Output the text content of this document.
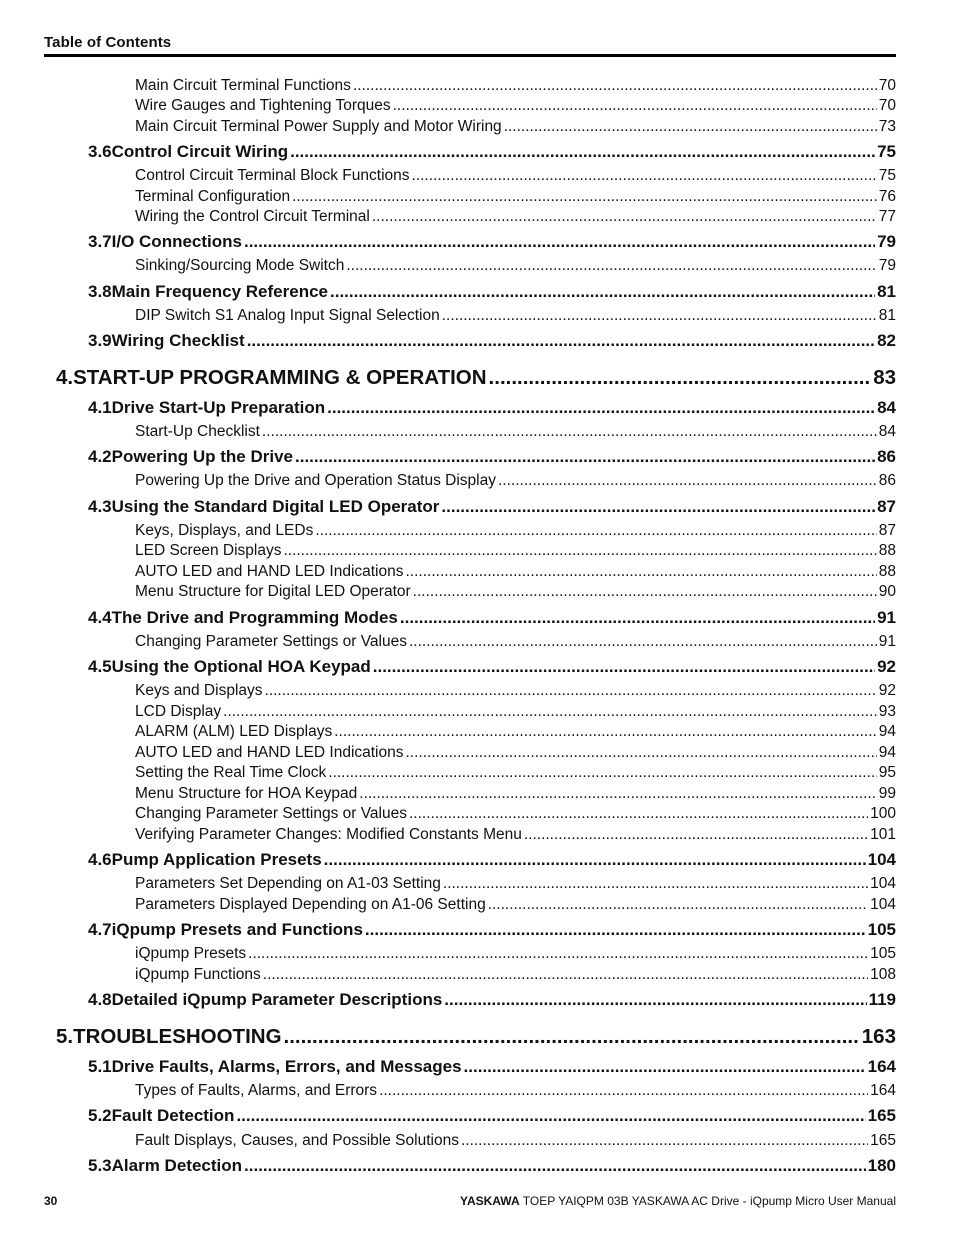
Table of Contents
Main Circuit Terminal Functions .....	70
Wire Gauges and Tightening Torques .....	70
Main Circuit Terminal Power Supply and Motor Wiring .....	73
3.6 Control Circuit Wiring .....	75
Control Circuit Terminal Block Functions .....	75
Terminal Configuration .....	76
Wiring the Control Circuit Terminal .....	77
3.7 I/O Connections .....	79
Sinking/Sourcing Mode Switch .....	79
3.8 Main Frequency Reference .....	81
DIP Switch S1 Analog Input Signal Selection .....	81
3.9 Wiring Checklist .....	82
4. START-UP PROGRAMMING & OPERATION .....	83
4.1 Drive Start-Up Preparation .....	84
Start-Up Checklist .....	84
4.2 Powering Up the Drive .....	86
Powering Up the Drive and Operation Status Display .....	86
4.3 Using the Standard Digital LED Operator .....	87
Keys, Displays, and LEDs .....	87
LED Screen Displays .....	88
AUTO LED and HAND LED Indications .....	88
Menu Structure for Digital LED Operator .....	90
4.4 The Drive and Programming Modes .....	91
Changing Parameter Settings or Values .....	91
4.5 Using the Optional HOA Keypad .....	92
Keys and Displays .....	92
LCD Display .....	93
ALARM (ALM) LED Displays .....	94
AUTO LED and HAND LED Indications .....	94
Setting the Real Time Clock .....	95
Menu Structure for HOA Keypad .....	99
Changing Parameter Settings or Values .....	100
Verifying Parameter Changes: Modified Constants Menu .....	101
4.6 Pump Application Presets .....	104
Parameters Set Depending on A1-03 Setting .....	104
Parameters Displayed Depending on A1-06 Setting .....	104
4.7 iQpump Presets and Functions .....	105
iQpump Presets .....	105
iQpump Functions .....	108
4.8 Detailed iQpump Parameter Descriptions .....	119
5. TROUBLESHOOTING .....	163
5.1 Drive Faults, Alarms, Errors, and Messages .....	164
Types of Faults, Alarms, and Errors .....	164
5.2 Fault Detection .....	165
Fault Displays, Causes, and Possible Solutions .....	165
5.3 Alarm Detection .....	180
30	YASKAWA TOEP YAIQPM 03B YASKAWA AC Drive - iQpump Micro User Manual
